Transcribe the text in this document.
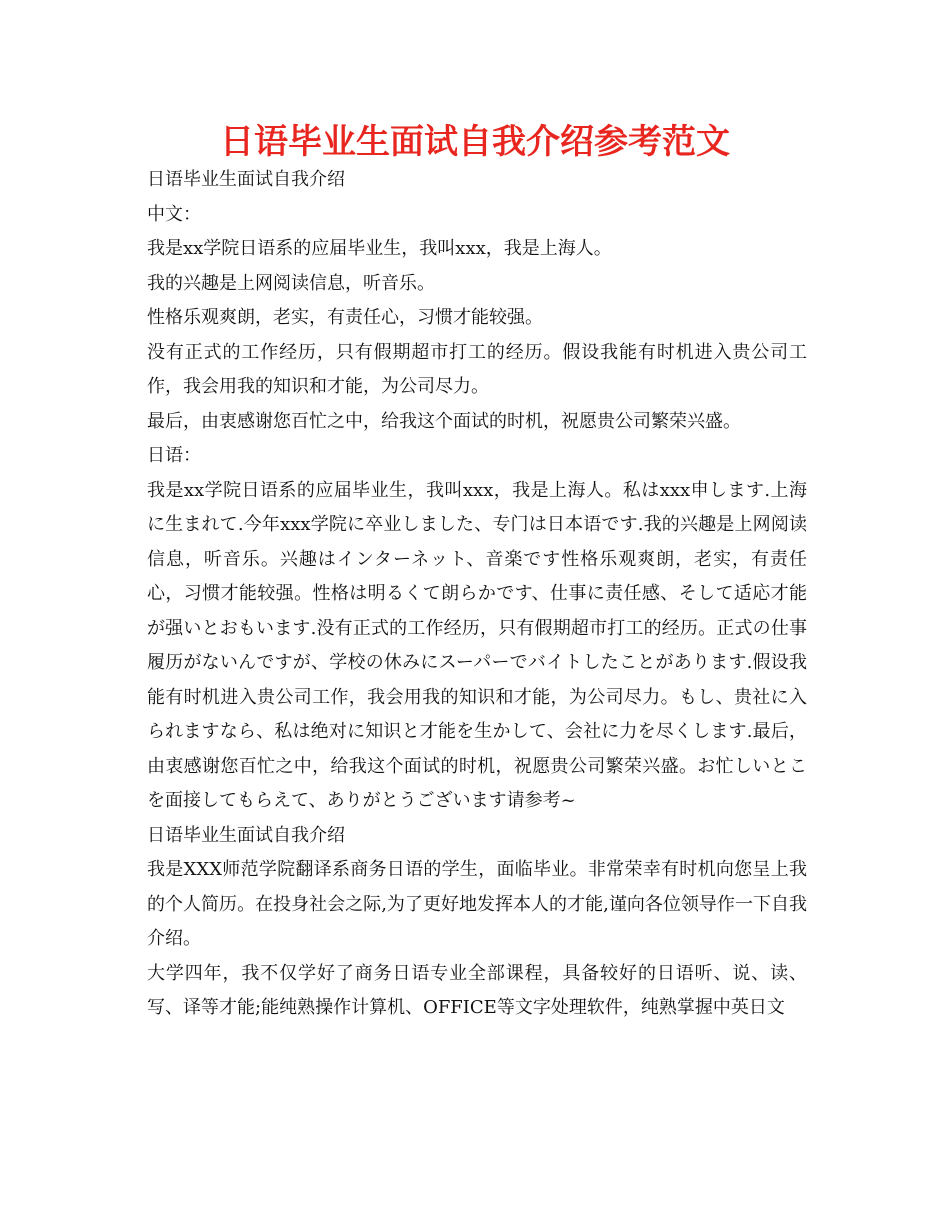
日语毕业生面试自我介绍参考范文

日语毕业生面试自我介绍

中文：

我是xx学院日语系的应届毕业生，我叫xxx，我是上海人。

我的兴趣是上网阅读信息，听音乐。

性格乐观爽朗，老实，有责任心，习惯才能较强。

没有正式的工作经历，只有假期超市打工的经历。假设我能有时机进入贵公司工作，我会用我的知识和才能，为公司尽力。

最后，由衷感谢您百忙之中，给我这个面试的时机，祝愿贵公司繁荣兴盛。

日语：

我是xx学院日语系的应届毕业生，我叫xxx，我是上海人。私はxxx申します.上海に生まれて.今年xxx学院に卒业しました、专门は日本语です.我的兴趣是上网阅读信息，听音乐。兴趣はインターネット、音楽です性格乐观爽朗，老实，有责任心，习惯才能较强。性格は明るくて朗らかです、仕事に责任感、そして适応才能が强いとおもいます.没有正式的工作经历，只有假期超市打工的经历。正式の仕事履历がないんですが、学校の休みにスーパーでバイトしたことがあります.假设我能有时机进入贵公司工作，我会用我的知识和才能，为公司尽力。もし、贵社に入られますなら、私は绝对に知识と才能を生かして、会社に力を尽くします.最后，由衷感谢您百忙之中，给我这个面试的时机，祝愿贵公司繁荣兴盛。お忙しいとこを面接してもらえて、ありがとうございます请参考~

日语毕业生面试自我介绍

我是XXX师范学院翻译系商务日语的学生，面临毕业。非常荣幸有时机向您呈上我的个人简历。在投身社会之际,为了更好地发挥本人的才能,谨向各位领导作一下自我介绍。

大学四年，我不仅学好了商务日语专业全部课程，具备较好的日语听、说、读、写、译等才能;能纯熟操作计算机、OFFICE等文字处理软件，纯熟掌握中英日文
